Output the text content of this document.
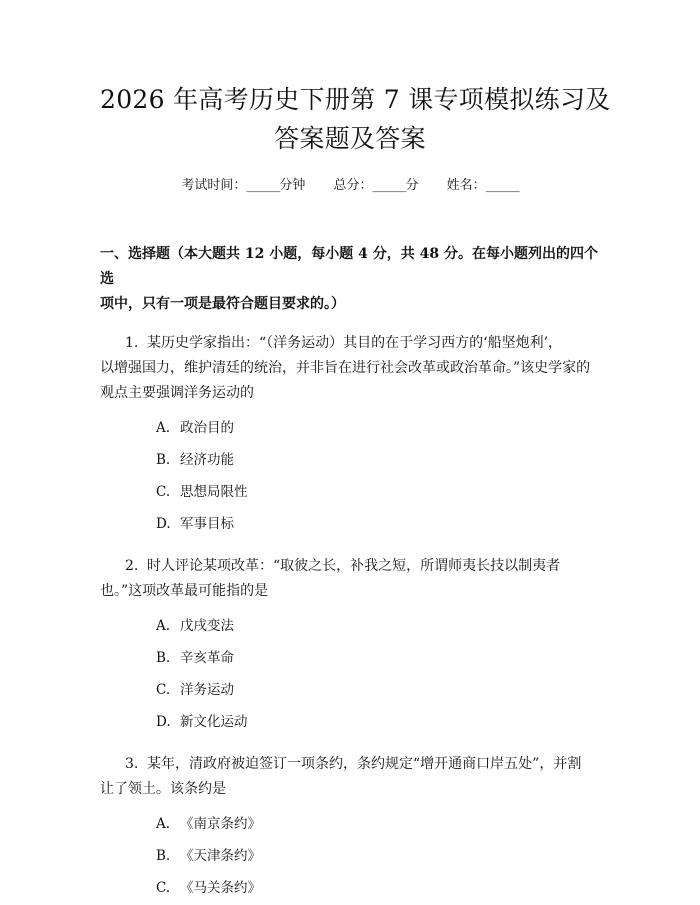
2026 年高考历史下册第 7 课专项模拟练习及
答案题及答案
考试时间：______分钟 总分：______分 姓名：______
一、选择题（本大题共 12 小题，每小题 4 分，共 48 分。在每小题列出的四个选
项中，只有一项是最符合题目要求的。）
1. 某历史学家指出：“（洋务运动）其目的在于学习西方的‘船坚炮利’，
以增强国力，维护清廷的统治，并非旨在进行社会改革或政治革命。”该史学家的
观点主要强调洋务运动的
A. 政治目的
B. 经济功能
C. 思想局限性
D. 军事目标
2. 时人评论某项改革：“取彼之长，补我之短，所谓师夷长技以制夷者
也。”这项改革最可能指的是
A. 戊戌变法
B. 辛亥革命
C. 洋务运动
D. 新文化运动
3. 某年，清政府被迫签订一项条约，条约规定“增开通商口岸五处”，并割
让了领土。该条约是
A. 《南京条约》
B. 《天津条约》
C. 《马关条约》
